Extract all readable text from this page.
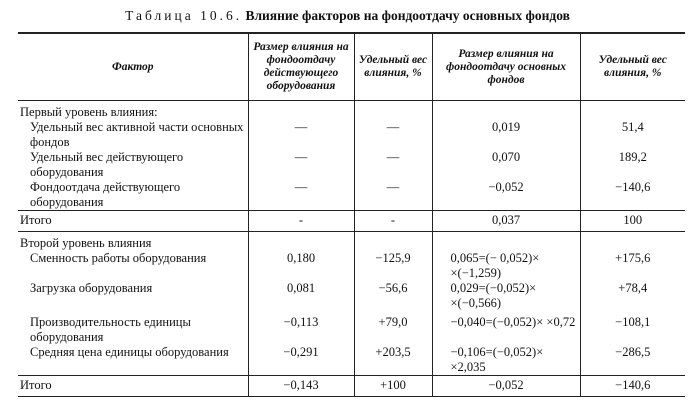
Таблица 10.6. Влияние факторов на фондоотдачу основных фондов
Фактор	Размер влияния на фондоотдачу действующего оборудования	Удельный вес влияния, %	Размер влияния на фондоотдачу основных фондов	Удельный вес влияния, %
Первый уровень влияния:				
Удельный вес активной части основных фондов	—	—	0,019	51,4
Удельный вес действующего оборудования	—	—	0,070	189,2
Фондоотдача действующего оборудования	—	—	−0,052	−140,6
Итого	-	-	0,037	100
Второй уровень влияния				
Сменность работы оборудования	0,180	−125,9	0,065=(− 0,052)× ×(−1,259)	+175,6
Загрузка оборудования	0,081	−56,6	0,029=(−0,052)× ×(−0,566)	+78,4
Производительность единицы оборудования	−0,113	+79,0	−0,040=(−0,052)× ×0,72	−108,1
Средняя цена единицы оборудования	−0,291	+203,5	−0,106=(−0,052)× ×2,035	−286,5
Итого	−0,143	+100	−0,052	−140,6
